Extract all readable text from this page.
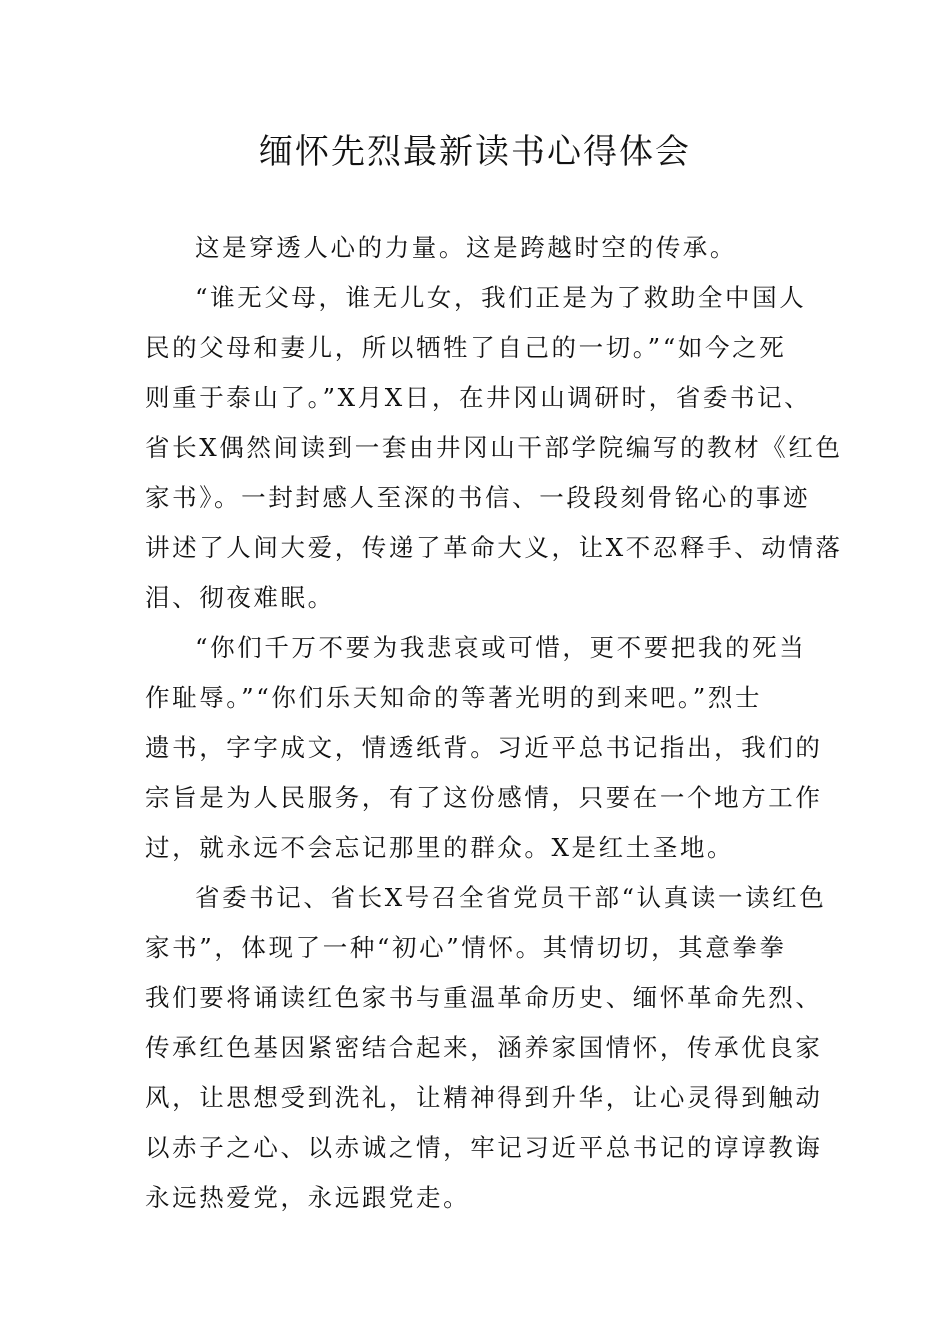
缅怀先烈最新读书心得体会
这是穿透人心的力量。这是跨越时空的传承。
“谁无父母，谁无儿女，我们正是为了救助全中国人
民的父母和妻儿，所以牺牲了自己的一切。”“如今之死
则重于泰山了。”X月X日，在井冈山调研时，省委书记、
省长X偶然间读到一套由井冈山干部学院编写的教材《红色
家书》。一封封感人至深的书信、一段段刻骨铭心的事迹
讲述了人间大爱，传递了革命大义，让X不忍释手、动情落
泪、彻夜难眠。
“你们千万不要为我悲哀或可惜，更不要把我的死当
作耻辱。”“你们乐天知命的等著光明的到来吧。”烈士
遗书，字字成文，情透纸背。习近平总书记指出，我们的
宗旨是为人民服务，有了这份感情，只要在一个地方工作
过，就永远不会忘记那里的群众。X是红土圣地。
省委书记、省长X号召全省党员干部“认真读一读红色
家书”，体现了一种“初心”情怀。其情切切，其意拳拳
我们要将诵读红色家书与重温革命历史、缅怀革命先烈、
传承红色基因紧密结合起来，涵养家国情怀，传承优良家
风，让思想受到洗礼，让精神得到升华，让心灵得到触动
以赤子之心、以赤诚之情，牢记习近平总书记的谆谆教诲
永远热爱党，永远跟党走。
